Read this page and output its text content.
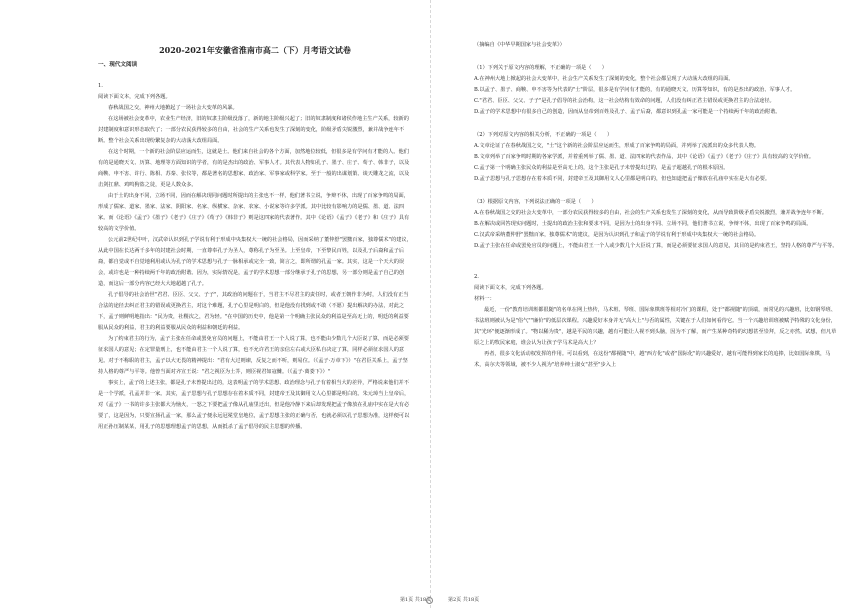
2020-2021年安徽省淮南市高二（下）月考语文试卷
一、现代文阅读

1.

阅读下面文本，完成下列各题。

春秋战国之交，神州大地掀起了一场社会大变革的风暴。

在这场被社会变革中，农业生产经济，旧的奴隶主阶级没落了，新的地主阶级兴起了；旧的奴隶制度和诸侯作地主生产关系，较新的封建制度和意识形态取代了；一部分农民获得较多的自由，社会的生产关系也发生了深刻的变化，阶级矛盾尖锐激烈，兼并战争连年不断。整个社会关系出现纷繁复杂的大动荡大改组局面。

在这个时期，一个新的社会阶层应运而生，这就是士。他们来自社会的各个方面，加然地位较低，但很多是有学问有才能的人。他们有的是通晓天文、历算、地理等方面知识的学者，有的是杰出的政治、军事人才。其代表人物如孔子、墨子、庄子、荀子、韩非子，以及商鞅、申不害、许行、陈相、苏秦、张仪等，都是著名的思想家、政治家、军事家或科学家。至于一般的出谋划策、谈天雕龙之流，以及击剑扛鼎、鸡鸣狗盗之徒，更是人数众多。

由于士的出身不同，立场不同，因而在解决现同问题时所提出的主张也不一样，他们著书立说，争辩不休，出现了百家争鸣的局面，形成了儒家、道家、墨家、法家、阴阳家、名家、纵横家、杂家、农家、小说家等许多学派。其中比较有影响力的是儒、墨、道、法四家。而《论语》《孟子》《墨子》《老子》《庄子》《荀子》《韩非子》则是这四家的代表著作。其中《论语》《孟子》《老子》和《庄子》具有较高的文学价值。

公元前2世纪中叶，汉武帝认识到孔子学说有利于形成中央集权大一统的社会格局，因而采纳了董仲舒"罢黜百家，独尊儒术"的建议，从此中国在长达两千多年的封建社会时期，一直尊奉孔子为圣人，尊称孔子为至圣。上至皇帝，下至黎民百姓，以及孔子后裔和孟子后裔，都自觉或不自觉地利用或认为孔子的学术思想与孔子一脉相承或完全一致，简言之，即所谓的孔孟一家。其实，这是一个天大的误会，或许也是一种持续两千年的政治附谐。因为，实际情况是，孟子的学术思想一部分继承于孔子的思想，另一部分则是孟子自己的创造，而这后一部分内容已经大大地超越了孔子。

孔子倡导的社会治世"君君、臣臣、父父、子子"，其政治的问题在于，当君主不尽君主的责任时，或者王朝作非为时，人们没有正当合法的途径去纠正君主的错误或更换君主，对这个难题，孔子心里是明白的，但是他没有找到或不敢（不愿）提出解决的办法，对此之下，孟子则鲜明地指出："民为贵，社稷次之，君为轻。"在中国的历史中，他是第一个明确主张民众的利益是至高无上的，明廷的利益要服从民众的利益，君主的利益要服从民众的利益和朝廷的利益。

为了约束君主的行为，孟子主张在任命或罢免官员的问题上，不能由君王一个人说了算，也不能由少数几个大臣说了算，而是必须要征求国人的意见；在定罪量刑上，也不能由君主一个人说了算，也不允许君王的亲信左右或大臣私自决定了算，同样必须征求国人的意见。对于不称职的君主，孟子以大无畏的精神提出："君有大过则谏，反复之而不听，则易位。（《孟子·万章下》）"在君臣关系上，孟子坚持人格的尊严与平等。他曾当面对齐宣王说："君之视臣为土芥，则臣视君如寇雠。（《孟子·离娄下》）"

事实上，孟子的上述主张，都是孔子未曾提出过的，这表明孟子的学术思想、政治理念与孔子有着相当大的差异，严格说来他们并不是一个学派，孔孟并非一家。其实，孟子思想与孔子思想存在着本质不同，封建帝王及其御用文人心里都是明白的。朱元璋当上皇帝后，对《孟子》一书的许多主张都大为恼火，一怒之下要把孟子像从孔庙里迁出，但是他冷静下来后却发现把孟子像放在孔庙中实在是大有必要了，这是因为，只要宣扬孔孟一家，那么孟子便永远冠冕堂皇地位，孟子思想主张的正确与否，也就必须以孔子思想为准，这样便可以用正孙压制某某，用孔子的思想理想孟子的思想，从而抵杀了孟子倡导的民主思想的传播。

（摘编自《中华早期国家与社会变革》）

（1）下列关于原文内容的理解，不正确的一项是（　　）

A.在神州大地上掀起的社会大变革中，社会生产关系发生了深刻的变化，整个社会都呈现了大动荡大改组的局面。

B.以孟子、墨子、商鞅、申不害等为代表的"士"阶层，很多是有学问有才能的，有的通晓天文、历算等知识，有的是杰出的政治、军事人才。

C."君君、臣臣、父父、子子"是孔子倡导的社会治构，这一社会结构有效命的问题，人们没有纠正君主错误或更换君主的合法途径。

D.孟子的学术思想中有很多自己的创造，因而从皇帝到百姓及孔子、孟子后裔，都意识到孔孟一家可能是一个持续两千年的政治附谐。

（2）下列对原文内容的相关分析，不正确的一项是（　　）

A.文章论证了在春秋战国之交，"士"这个新的社会阶层应运而生，形成了百家争鸣的局面，并列举了流派出的众多代表人物。

B.文章列举了百家争鸣时期的各家学派，并着重列举了儒、墨、道、法四家的代表作品，其中《论语》《孟子》《老子》《庄子》具有较高的文学价值。

C.孟子第一个明确主张民众的利益是至高无上的，这个主张是孔子未曾提出过的，是孟子超越孔子的根本原因。

D.孟子思想与孔子思想存在着本质不同，封建帝王及其御用文人心里都是明白的，但也知道把孟子像放在孔庙中实在是大有必要。

（3）根据原文内容，下列说法正确的一项是（　　）

A.在春秋战国之交的社会大变革中，一部分农民获得较多的自由，社会的生产关系也发生了深刻的变化，从而导致阶级矛盾尖锐激烈，兼并战争连年不断。

B.在解决或回答现实问题时，士提出的政治主张和要求不同，是因为士的出身不同、立场不同，他们著书立说，争辩不休，出现了百家争鸣的局面。

C.汉武帝采纳董仲舒"罢黜百家，独尊儒术"的建议，是因为认识到孔子和孟子的学说有利于形成中央集权大一统的社会格局。

D.孟子主张在任命或罢免官员的问题上，不能由君王一个人或少数几个大臣说了算，而是必须要征求国人的意见，其目的是约束君王，坚持人格的尊严与平等。

2.

阅读下面文本，完成下列各题。

材料一：

最近，一份"教育培训班都很随"的名单在网上热传，马术班、琴班、国际象棋班等相对冷门的课程，处于"都视随"的顶端，而常见的兴趣班，比如钢琴班、书法班则被认为是"俗气""廉价"的低层次课程。兴趣爱好本身并无"高大上"与否的属性，关键在于人们如何看待它。当一个兴趣培训班被赋予特殊的文化身份，其"光环"便逐渐形成了。"物以稀为贵"，越是平民的兴趣，越有可能让人视不到头脑，因为不了解，而产生某种奇特的幻想甚至崇拜，反之亦然。试想，但凡草原之上的牧民家庭，谁会认为让孩子学马术是高大上？

再者，很多文化活动权发挥的作用。可以看到，在这份"都视随"中，越"西方化"或者"国际化"的兴趣爱好，越有可能得到家长的追捧，比如国际象棋，马术，高尔夫等领域，被不少人视为"培养绅士淑女"甚至"步入上

第1页 共18页	第2页 共18页
